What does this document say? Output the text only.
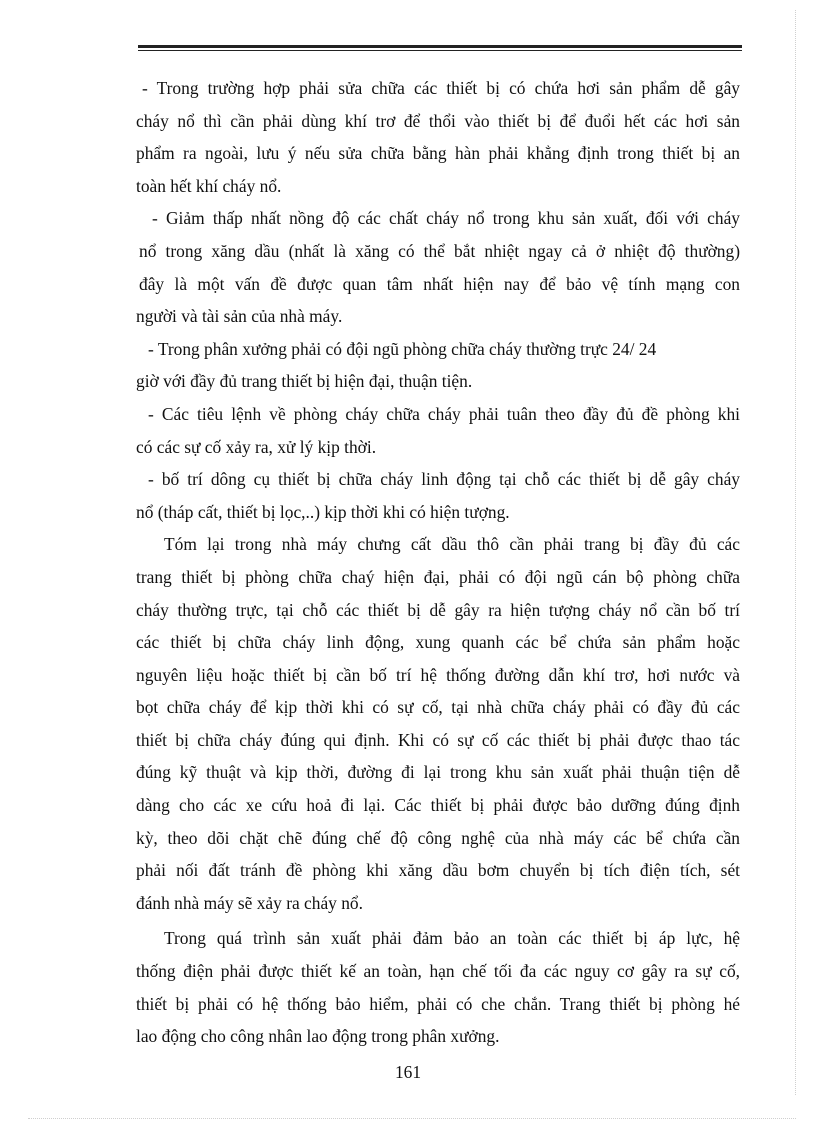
- Trong trường hợp phải sửa chữa các thiết bị có chứa hơi sản phẩm dễ gây
cháy nổ thì cần phải dùng khí trơ để thổi vào thiết bị để đuổi hết các hơi sản
phẩm ra ngoài, lưu ý nếu sửa chữa bằng hàn phải khẳng định trong thiết bị an
toàn hết khí cháy nổ.
- Giảm thấp nhất nồng độ các chất cháy nổ trong khu sản xuất, đối với cháy
nổ trong xăng dầu (nhất là xăng có thể bắt nhiệt ngay cả ở nhiệt độ thường)
đây là một vấn đề được quan tâm nhất hiện nay để bảo vệ tính mạng con
người và tài sản của nhà máy.
- Trong phân xưởng phải có đội ngũ phòng chữa cháy thường trực 24/ 24
giờ với đầy đủ trang thiết bị hiện đại, thuận tiện.
- Các tiêu lệnh về phòng cháy chữa cháy phải tuân theo đầy đủ đề phòng khi
có các sự cố xảy ra, xử lý kịp thời.
- bố trí dông cụ thiết bị chữa cháy linh động tại chỗ các thiết bị dễ gây cháy
nổ (tháp cất, thiết bị lọc,..) kịp thời khi có hiện tượng.
Tóm lại trong nhà máy chưng cất dầu thô cần phải trang bị đầy đủ các
trang thiết bị phòng chữa chaý hiện đại, phải có đội ngũ cán bộ phòng chữa
cháy thường trực, tại chỗ các thiết bị dễ gây ra hiện tượng cháy nổ cần bố trí
các thiết bị chữa cháy linh động, xung quanh các bể chứa sản phẩm hoặc
nguyên liệu hoặc thiết bị cần bố trí hệ thống đường dẫn khí trơ, hơi nước và
bọt chữa cháy để kịp thời khi có sự cố, tại nhà chữa cháy phải có đầy đủ các
thiết bị chữa cháy đúng qui định. Khi có sự cố các thiết bị phải được thao tác
đúng kỹ thuật và kịp thời, đường đi lại trong khu sản xuất phải thuận tiện dễ
dàng cho các xe cứu hoả đi lại. Các thiết bị phải được bảo dưỡng đúng định
kỳ, theo dõi chặt chẽ đúng chế độ công nghệ của nhà máy các bể chứa cần
phải nối đất tránh đề phòng khi xăng dầu bơm chuyển bị tích điện tích, sét
đánh nhà máy sẽ xảy ra cháy nổ.
Trong quá trình sản xuất phải đảm bảo an toàn các thiết bị áp lực, hệ
thống điện phải được thiết kế an toàn, hạn chế tối đa các nguy cơ gây ra sự cố,
thiết bị phải có hệ thống bảo hiểm, phải có che chắn. Trang thiết bị phòng hé
lao động cho công nhân lao động trong phân xưởng.
161
